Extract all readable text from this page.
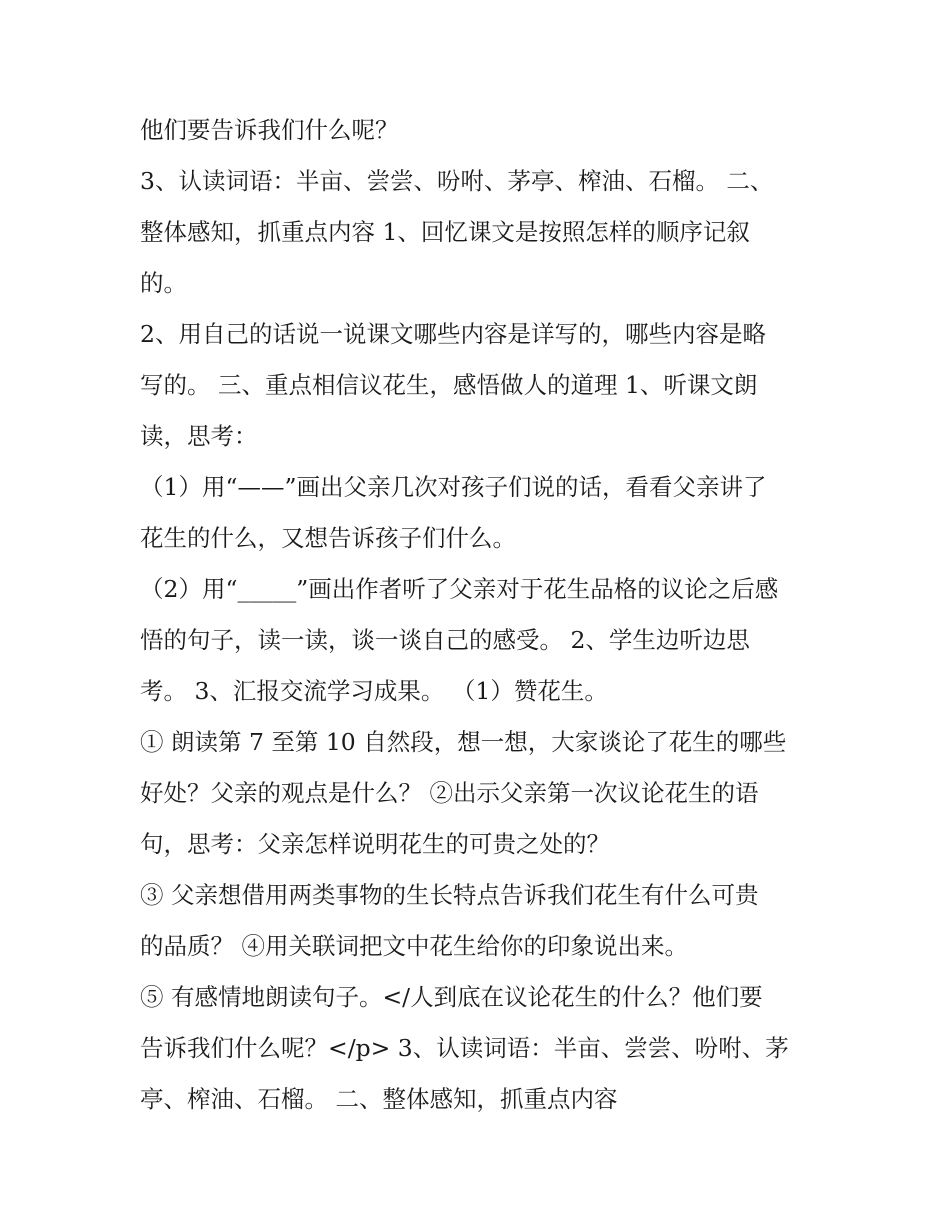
他们要告诉我们什么呢？
3、认读词语：半亩、尝尝、吩咐、茅亭、榨油、石榴。 二、
整体感知，抓重点内容 1、回忆课文是按照怎样的顺序记叙
的。
2、用自己的话说一说课文哪些内容是详写的，哪些内容是略
写的。 三、重点相信议花生，感悟做人的道理 1、听课文朗
读，思考：
（1）用“——”画出父亲几次对孩子们说的话，看看父亲讲了
花生的什么，又想告诉孩子们什么。
（2）用“_____”画出作者听了父亲对于花生品格的议论之后感
悟的句子，读一读，谈一谈自己的感受。 2、学生边听边思
考。 3、汇报交流学习成果。 （1）赞花生。
① 朗读第 7 至第 10 自然段，想一想，大家谈论了花生的哪些
好处？父亲的观点是什么？ ②出示父亲第一次议论花生的语
句，思考：父亲怎样说明花生的可贵之处的？
③ 父亲想借用两类事物的生长特点告诉我们花生有什么可贵
的品质？ ④用关联词把文中花生给你的印象说出来。
⑤ 有感情地朗读句子。</人到底在议论花生的什么？他们要
告诉我们什么呢？</p> 3、认读词语：半亩、尝尝、吩咐、茅
亭、榨油、石榴。 二、整体感知，抓重点内容
